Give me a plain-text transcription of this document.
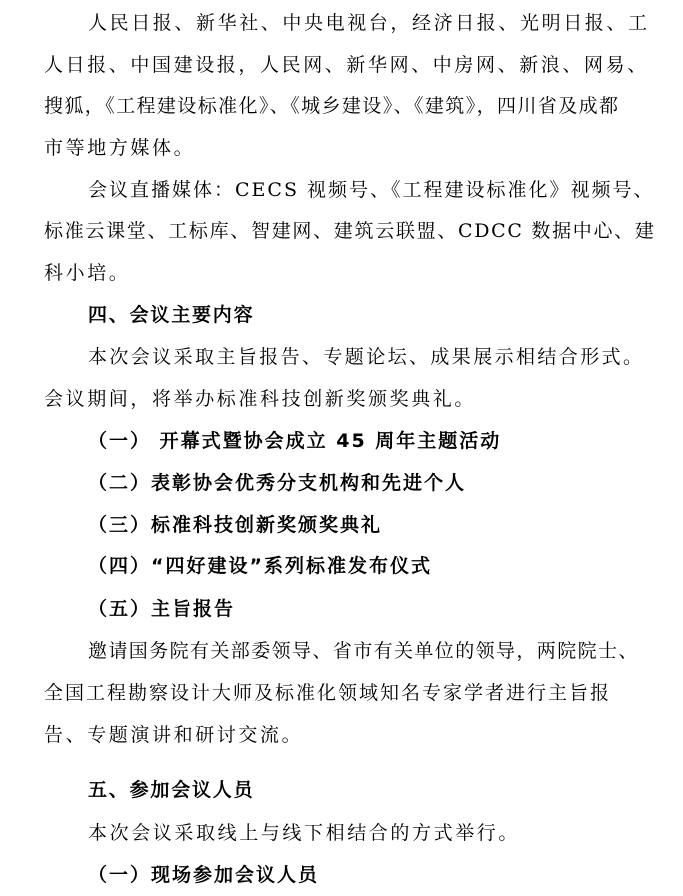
人民日报、新华社、中央电视台，经济日报、光明日报、工

人日报、中国建设报，人民网、新华网、中房网、新浪、网易、

搜狐，《工程建设标准化》、《城乡建设》、《建筑》，四川省及成都

市等地方媒体。

会议直播媒体：CECS 视频号、《工程建设标准化》视频号、

标准云课堂、工标库、智建网、建筑云联盟、CDCC 数据中心、建

科小培。

四、会议主要内容

本次会议采取主旨报告、专题论坛、成果展示相结合形式。

会议期间，将举办标准科技创新奖颁奖典礼。

（一） 开幕式暨协会成立 45 周年主题活动

（二）表彰协会优秀分支机构和先进个人

（三）标准科技创新奖颁奖典礼

（四）“四好建设”系列标准发布仪式

（五）主旨报告

邀请国务院有关部委领导、省市有关单位的领导，两院院士、

全国工程勘察设计大师及标准化领域知名专家学者进行主旨报

告、专题演讲和研讨交流。

五、参加会议人员

本次会议采取线上与线下相结合的方式举行。

（一）现场参加会议人员
